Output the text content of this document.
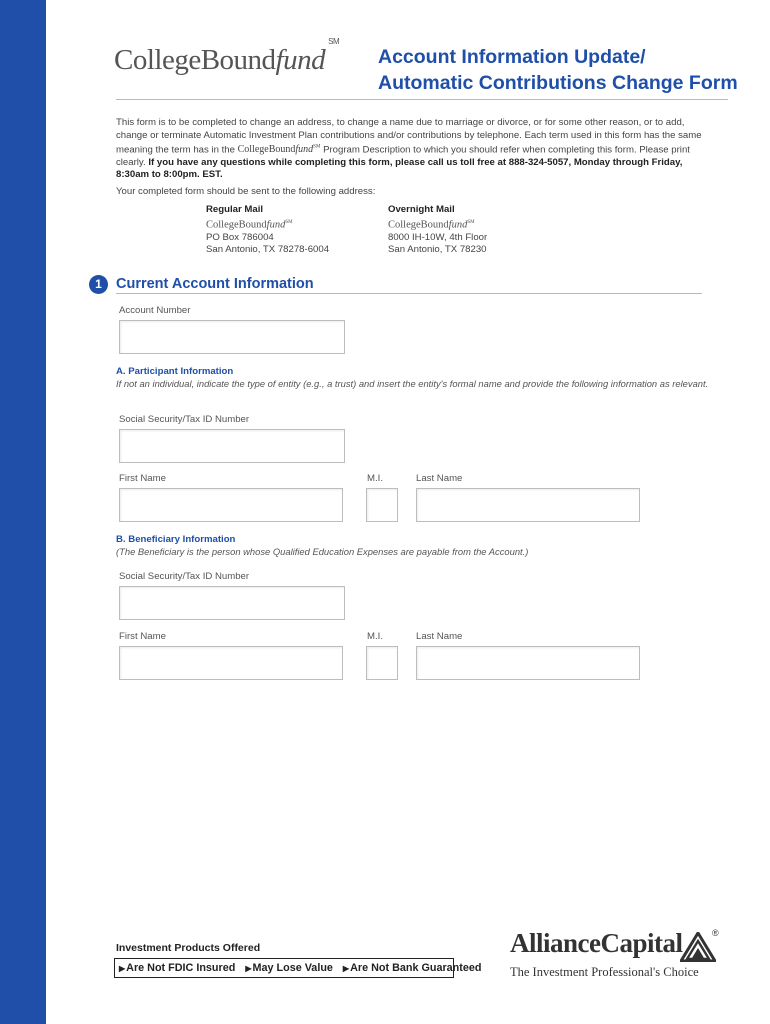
CollegeBoundfund℠
Account Information Update/
Automatic Contributions Change Form
This form is to be completed to change an address, to change a name due to marriage or divorce, or for some other reason, or to add, change or terminate Automatic Investment Plan contributions and/or contributions by telephone. Each term used in this form has the same meaning the term has in the CollegeBoundfund℠ Program Description to which you should refer when completing this form. Please print clearly. If you have any questions while completing this form, please call us toll free at 888-324-5057, Monday through Friday, 8:30am to 8:00pm. EST.
Your completed form should be sent to the following address:
Regular Mail
CollegeBoundfund℠
PO Box 786004
San Antonio, TX 78278-6004
Overnight Mail
CollegeBoundfund℠
8000 IH-10W, 4th Floor
San Antonio, TX 78230
1 Current Account Information
Account Number
A. Participant Information
If not an individual, indicate the type of entity (e.g., a trust) and insert the entity's formal name and provide the following information as relevant.
Social Security/Tax ID Number
First Name	M.I.	Last Name
B. Beneficiary Information
(The Beneficiary is the person whose Qualified Education Expenses are payable from the Account.)
Social Security/Tax ID Number
First Name	M.I.	Last Name
Investment Products Offered
▶Are Not FDIC Insured ▶May Lose Value ▶Are Not Bank Guaranteed
AllianceCapital
The Investment Professional's Choice
®
